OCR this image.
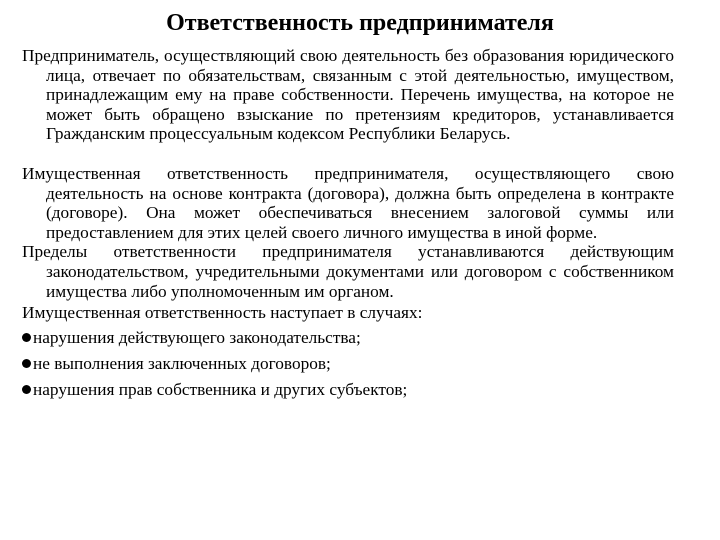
Ответственность предпринимателя

Предприниматель, осуществляющий свою деятельность без образования юридического лица, отвечает по обязательствам, связанным с этой деятельностью, имуществом, принадлежащим ему на праве собственности. Перечень имущества, на которое не может быть обращено взыскание по претензиям кредиторов, устанавливается Гражданским процессуальным кодексом Республики Беларусь.

Имущественная ответственность предпринимателя, осуществляющего свою деятельность на основе контракта (договора), должна быть определена в контракте (договоре). Она может обеспечиваться внесением залоговой суммы или предоставлением для этих целей своего личного имущества в иной форме.

Пределы ответственности предпринимателя устанавливаются действующим законодательством, учредительными документами или договором с собственником имущества либо уполномоченным им органом.

Имущественная ответственность наступает в случаях:

нарушения действующего законодательства;
не выполнения заключенных договоров;
нарушения прав собственника и других субъектов;
